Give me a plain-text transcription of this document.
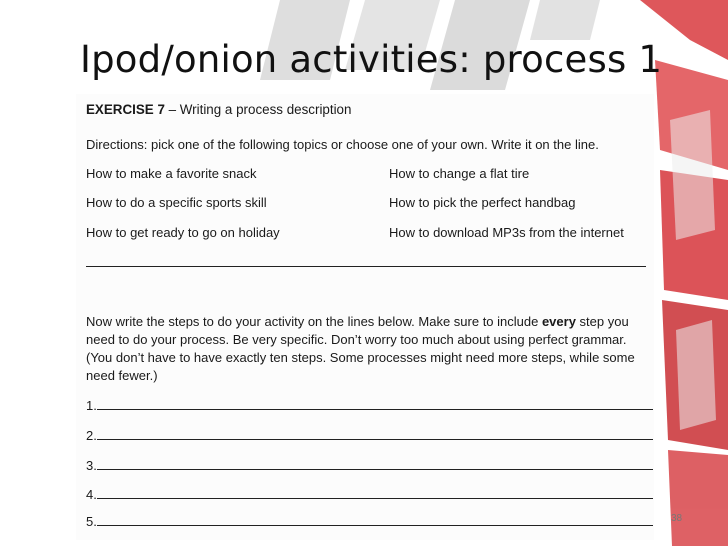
Ipod/onion activities: process 1

EXERCISE 7 – Writing a process description

Directions: pick one of the following topics or choose one of your own. Write it on the line.

How to make a favorite snack	How to change a flat tire

How to do a specific sports skill	How to pick the perfect handbag

How to get ready to go on holiday	How to download MP3s from the internet

Now write the steps to do your activity on the lines below. Make sure to include every step you

need to do your process. Be very specific. Don’t worry too much about using perfect grammar.

(You don’t have to have exactly ten steps. Some processes might need more steps, while some

need fewer.)

1.
2.
3.
4.
5.	38
